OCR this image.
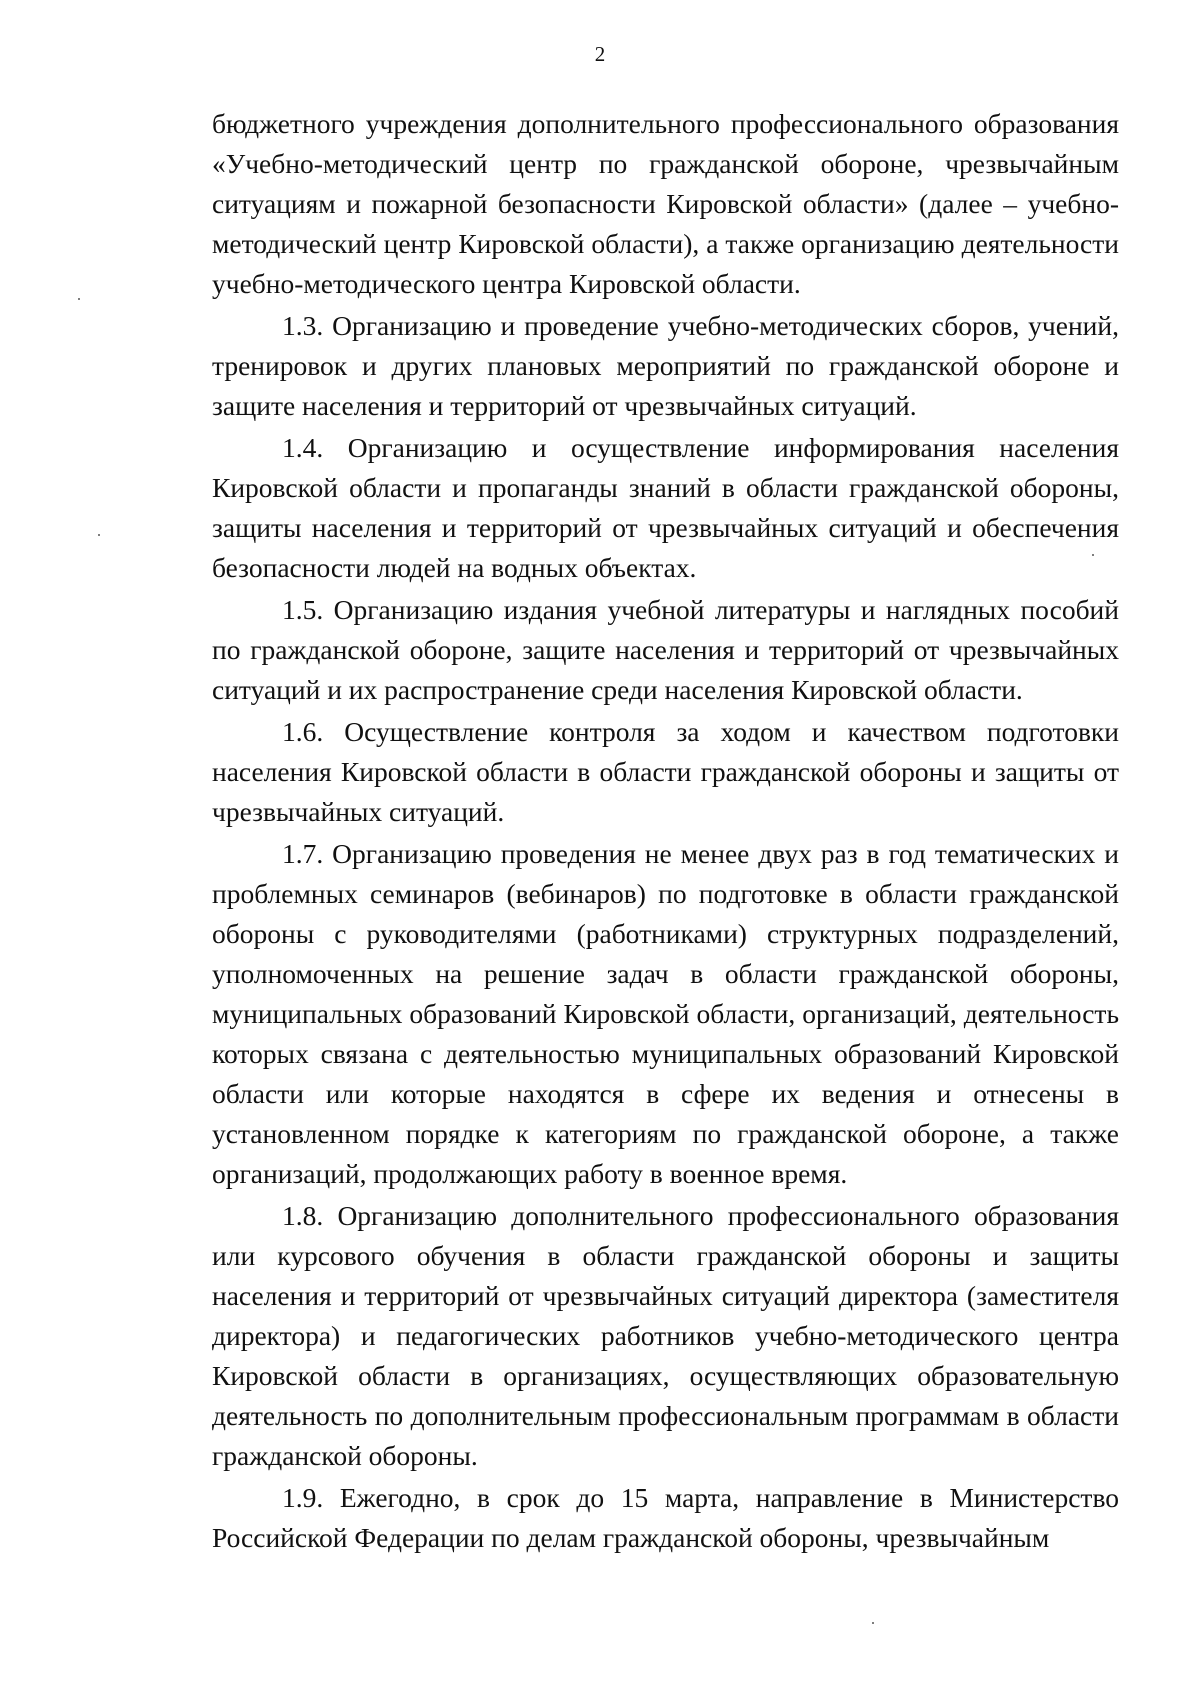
2

бюджетного учреждения дополнительного профессионального образования «Учебно-методический центр по гражданской обороне, чрезвычайным ситуациям и пожарной безопасности Кировской области» (далее – учебно-методический центр Кировской области), а также организацию деятельности учебно-методического центра Кировской области.

1.3. Организацию и проведение учебно-методических сборов, учений, тренировок и других плановых мероприятий по гражданской обороне и защите населения и территорий от чрезвычайных ситуаций.

1.4. Организацию и осуществление информирования населения Кировской области и пропаганды знаний в области гражданской обороны, защиты населения и территорий от чрезвычайных ситуаций и обеспечения безопасности людей на водных объектах.

1.5. Организацию издания учебной литературы и наглядных пособий по гражданской обороне, защите населения и территорий от чрезвычайных ситуаций и их распространение среди населения Кировской области.

1.6. Осуществление контроля за ходом и качеством подготовки населения Кировской области в области гражданской обороны и защиты от чрезвычайных ситуаций.

1.7. Организацию проведения не менее двух раз в год тематических и проблемных семинаров (вебинаров) по подготовке в области гражданской обороны с руководителями (работниками) структурных подразделений, уполномоченных на решение задач в области гражданской обороны, муниципальных образований Кировской области, организаций, деятельность которых связана с деятельностью муниципальных образований Кировской области или которые находятся в сфере их ведения и отнесены в установленном порядке к категориям по гражданской обороне, а также организаций, продолжающих работу в военное время.

1.8. Организацию дополнительного профессионального образования или курсового обучения в области гражданской обороны и защиты населения и территорий от чрезвычайных ситуаций директора (заместителя директора) и педагогических работников учебно-методического центра Кировской области в организациях, осуществляющих образовательную деятельность по дополнительным профессиональным программам в области гражданской обороны.

1.9. Ежегодно, в срок до 15 марта, направление в Министерство Российской Федерации по делам гражданской обороны, чрезвычайным
